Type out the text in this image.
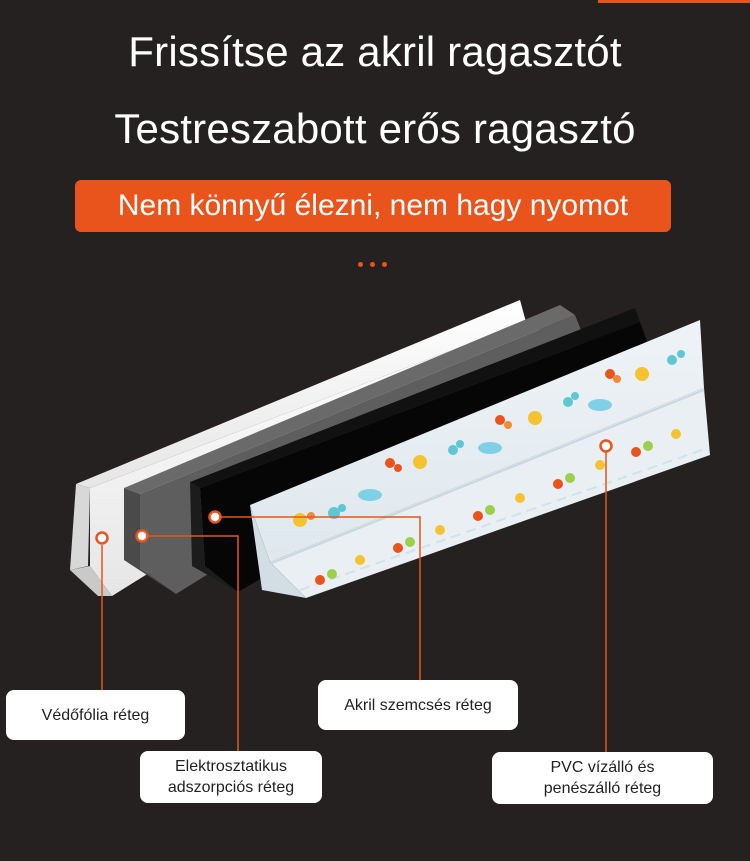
Frissítse az akril ragasztót
Testreszabott erős ragasztó
Nem könnyű élezni, nem hagy nyomot
Védőfólia réteg
Elektrosztatikus
adszorpciós réteg
Akril szemcsés réteg
PVC vízálló és
penészálló réteg
